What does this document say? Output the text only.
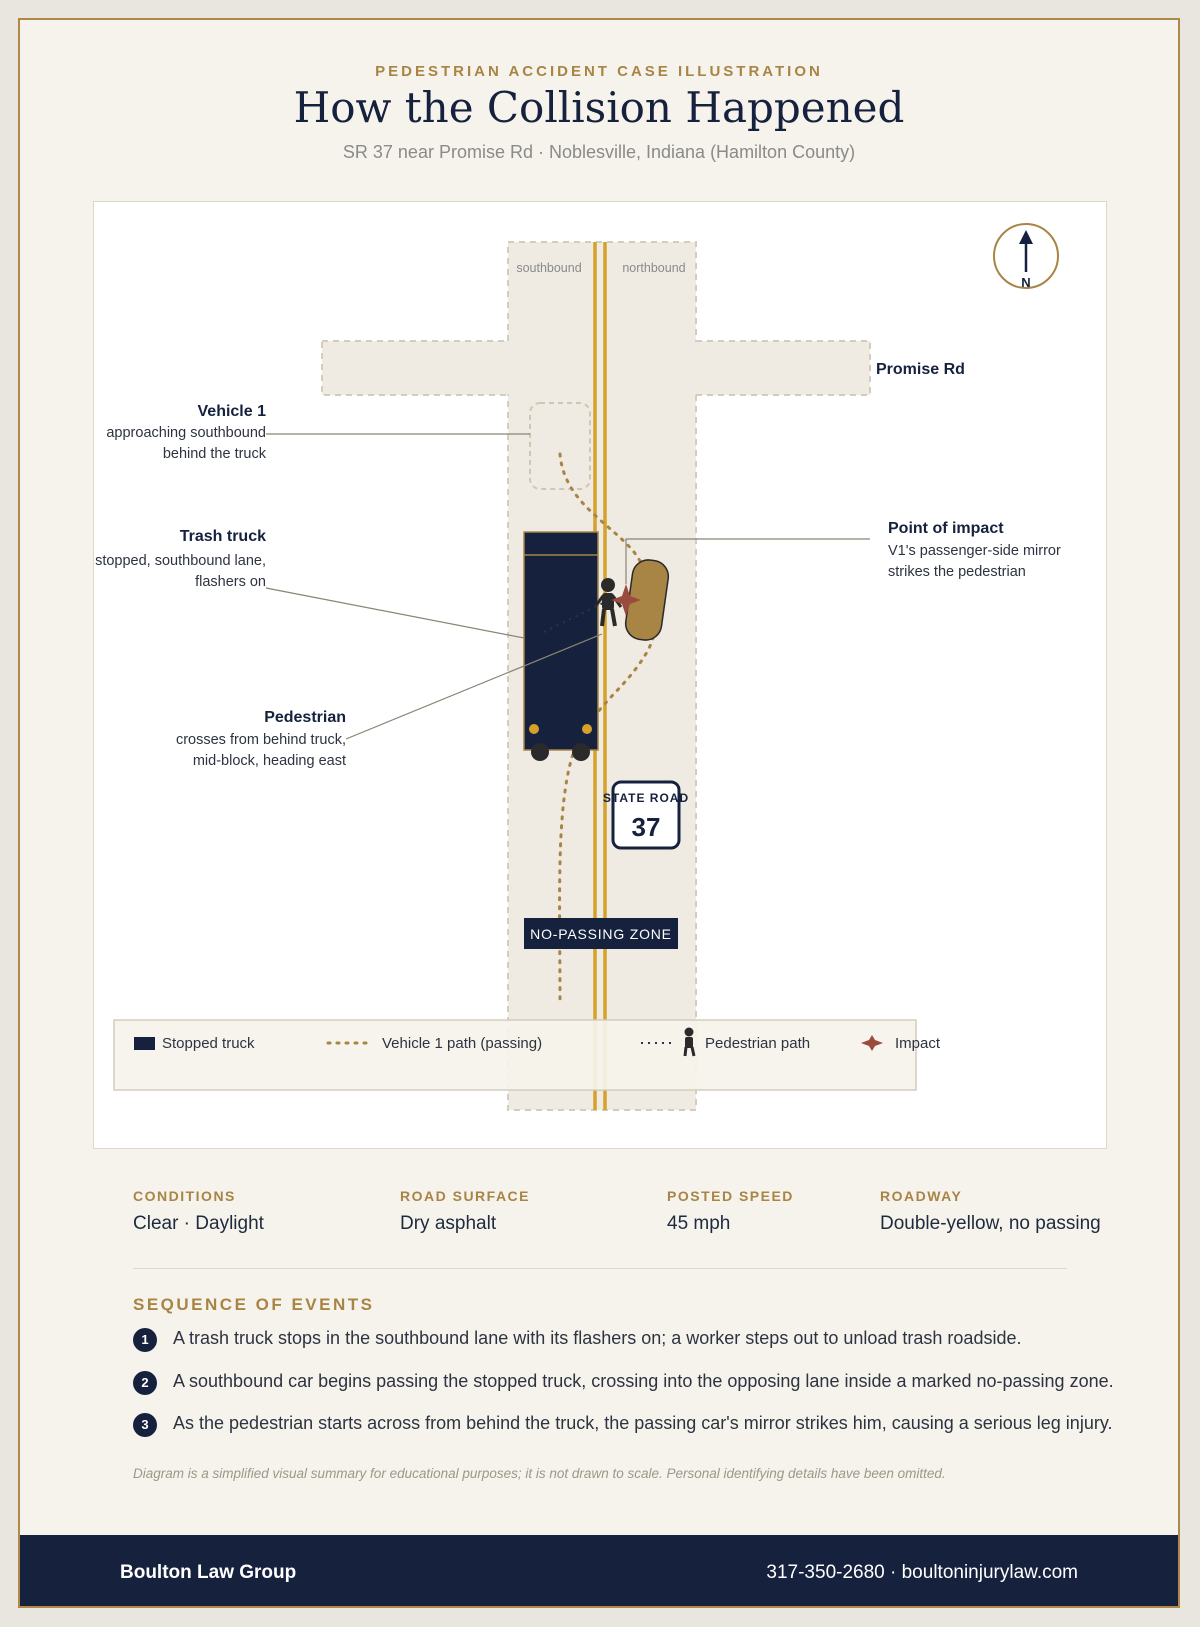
PEDESTRIAN ACCIDENT CASE ILLUSTRATION
How the Collision Happened
SR 37 near Promise Rd · Noblesville, Indiana (Hamilton County)
southbound	northbound
Promise Rd
N
Vehicle 1
approaching southbound
behind the truck
Trash truck
stopped, southbound lane,
flashers on
Pedestrian
crosses from behind truck,
mid-block, heading east
Point of impact
V1's passenger-side mirror
strikes the pedestrian
STATE ROAD
37
NO-PASSING ZONE
Stopped truck	Vehicle 1 path (passing)	Pedestrian path	Impact
CONDITIONS
Clear · Daylight
ROAD SURFACE
Dry asphalt
POSTED SPEED
45 mph
ROADWAY
Double-yellow, no passing
SEQUENCE OF EVENTS
1	A trash truck stops in the southbound lane with its flashers on; a worker steps out to unload trash roadside.
2	A southbound car begins passing the stopped truck, crossing into the opposing lane inside a marked no-passing zone.
3	As the pedestrian starts across from behind the truck, the passing car's mirror strikes him, causing a serious leg injury.
Diagram is a simplified visual summary for educational purposes; it is not drawn to scale. Personal identifying details have been omitted.
Boulton Law Group	317-350-2680 · boultoninjurylaw.com
